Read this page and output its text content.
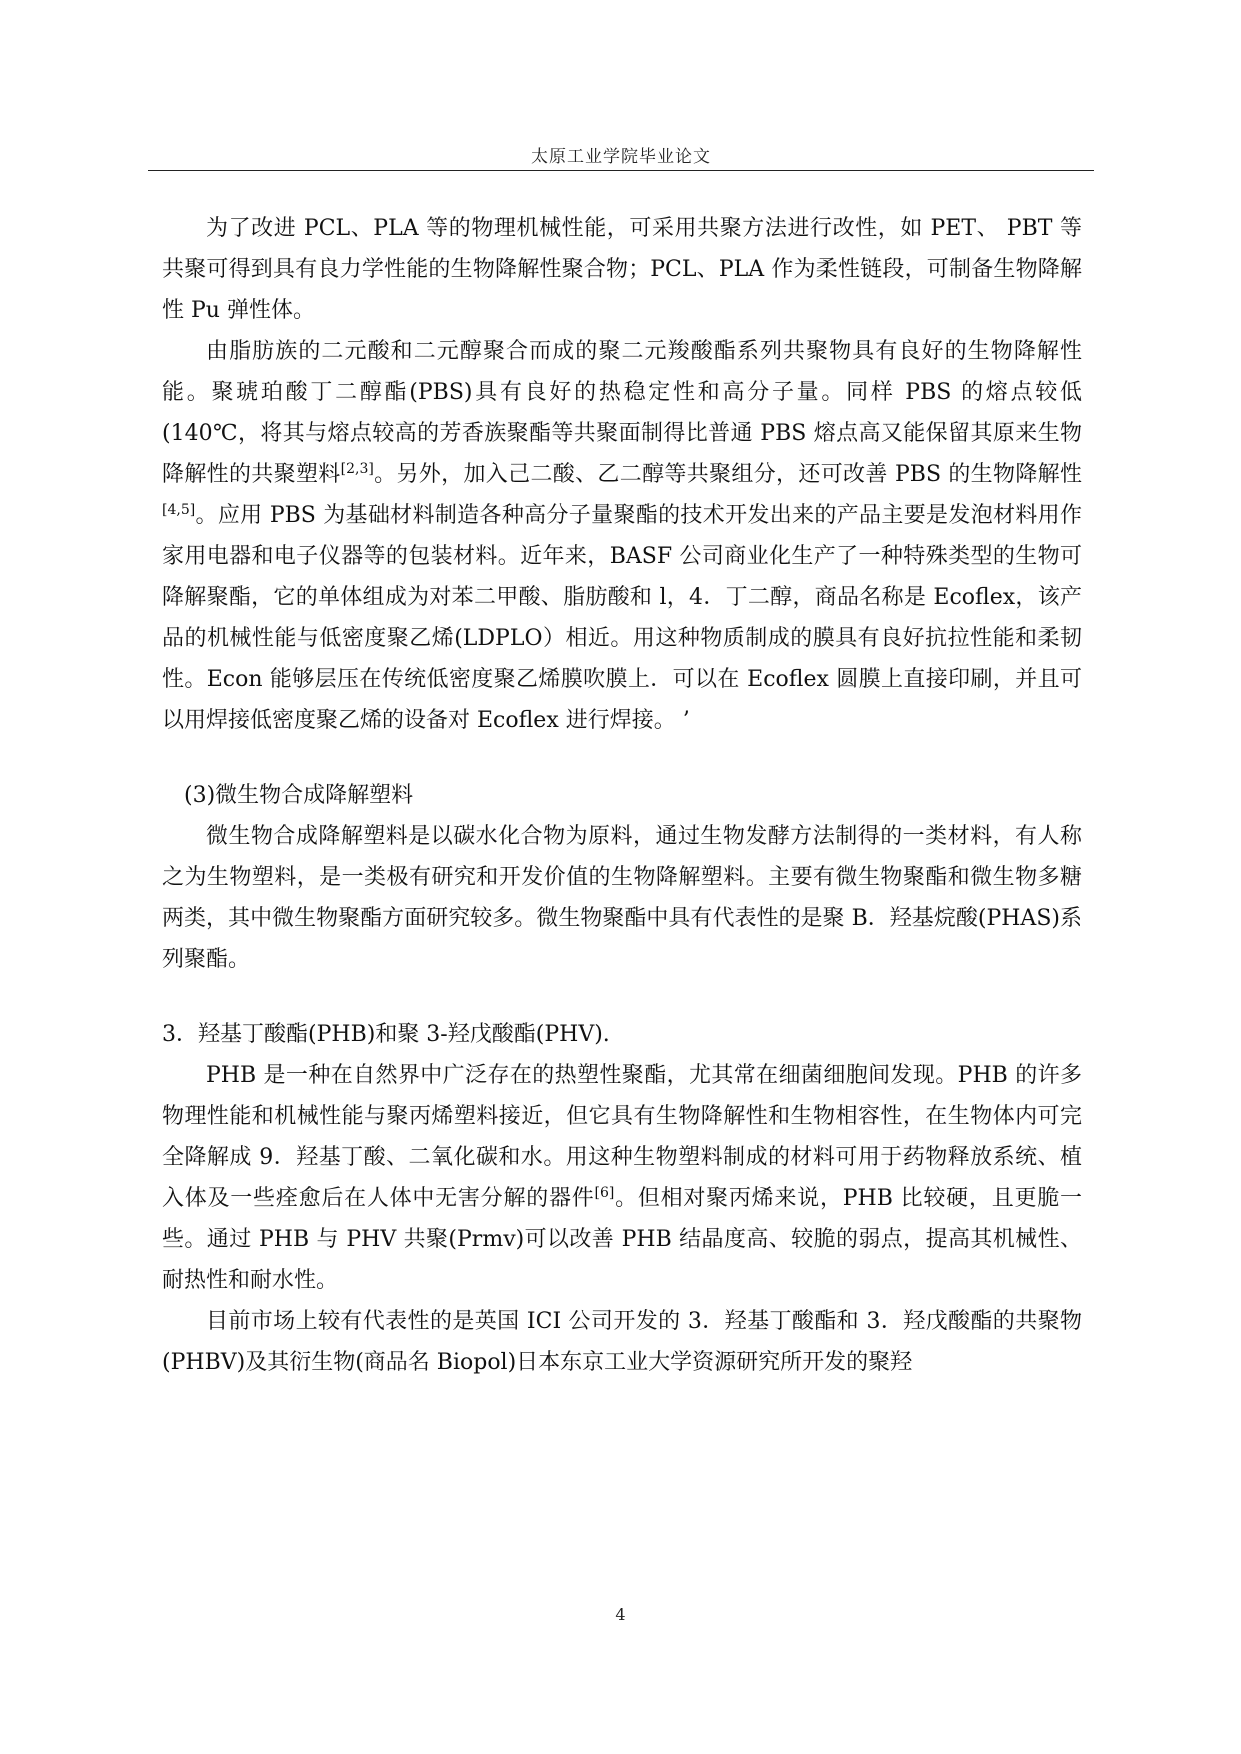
太原工业学院毕业论文

为了改进 PCL、PLA 等的物理机械性能，可采用共聚方法进行改性，如 PET、 PBT 等共聚可得到具有良力学性能的生物降解性聚合物；PCL、PLA 作为柔性链段，可制备生物降解性 Pu 弹性体。

由脂肪族的二元酸和二元醇聚合而成的聚二元羧酸酯系列共聚物具有良好的生物降解性能。聚琥珀酸丁二醇酯(PBS)具有良好的热稳定性和高分子量。同样 PBS 的熔点较低(140℃，将其与熔点较高的芳香族聚酯等共聚面制得比普通 PBS 熔点高又能保留其原来生物降解性的共聚塑料[2,3]。另外，加入己二酸、乙二醇等共聚组分，还可改善 PBS 的生物降解性[4,5]。应用 PBS 为基础材料制造各种高分子量聚酯的技术开发出来的产品主要是发泡材料用作家用电器和电子仪器等的包装材料。近年来，BASF 公司商业化生产了一种特殊类型的生物可降解聚酯，它的单体组成为对苯二甲酸、脂肪酸和 l，4．丁二醇，商品名称是 Ecoflex，该产品的机械性能与低密度聚乙烯(LDPLO）相近。用这种物质制成的膜具有良好抗拉性能和柔韧性。Econ 能够层压在传统低密度聚乙烯膜吹膜上．可以在 Ecoflex 圆膜上直接印刷，并且可以用焊接低密度聚乙烯的设备对 Ecoflex 进行焊接。 ’

(3)微生物合成降解塑料

微生物合成降解塑料是以碳水化合物为原料，通过生物发酵方法制得的一类材料，有人称之为生物塑料，是一类极有研究和开发价值的生物降解塑料。主要有微生物聚酯和微生物多糖两类，其中微生物聚酯方面研究较多。微生物聚酯中具有代表性的是聚 B．羟基烷酸(PHAS)系列聚酯。

3．羟基丁酸酯(PHB)和聚 3-羟戊酸酯(PHV).

PHB 是一种在自然界中广泛存在的热塑性聚酯，尤其常在细菌细胞间发现。PHB 的许多物理性能和机械性能与聚丙烯塑料接近，但它具有生物降解性和生物相容性，在生物体内可完全降解成 9．羟基丁酸、二氧化碳和水。用这种生物塑料制成的材料可用于药物释放系统、植入体及一些痊愈后在人体中无害分解的器件[6]。但相对聚丙烯来说，PHB 比较硬，且更脆一些。通过 PHB 与 PHV 共聚(Prmv)可以改善 PHB 结晶度高、较脆的弱点，提高其机械性、耐热性和耐水性。

目前市场上较有代表性的是英国 ICI 公司开发的 3．羟基丁酸酯和 3．羟戊酸酯的共聚物(PHBV)及其衍生物(商品名 Biopol)日本东京工业大学资源研究所开发的聚羟

4
